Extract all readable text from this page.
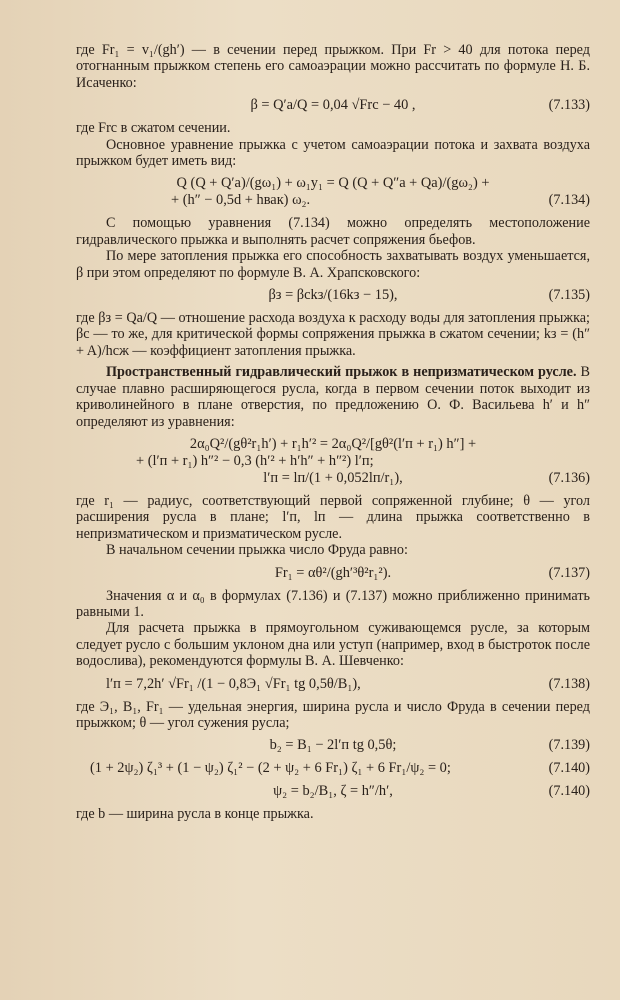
где Fr₁ = v₁/(gh′) — в сечении перед прыжком. При Fr > 40 для потока перед отогнанным прыжком степень его самоаэрации можно рассчитать по формуле Н. Б. Исаченко:

β = Q′а/Q = 0,04 √Frс − 40 ,	(7.133)

где Frс в сжатом сечении.

Основное уравнение прыжка с учетом самоаэрации потока и захвата воздуха прыжком будет иметь вид:

Q (Q + Q′а)/(gω₁) + ω₁y₁ = Q (Q + Q″а + Qа)/(gω₂) +
+ (h″ − 0,5d + hвак) ω₂.	(7.134)

С помощью уравнения (7.134) можно определять местоположение гидравлического прыжка и выполнять расчет сопряжения бьефов.

По мере затопления прыжка его способность захватывать воздух уменьшается, β при этом определяют по формуле В. А. Храпсковского:

βз = βсkз/(16kз − 15),	(7.135)

где βз = Qа/Q — отношение расхода воздуха к расходу воды для затопления прыжка; βс — то же, для критической формы сопряжения прыжка в сжатом сечении; kз = (h″ + A)/hсж — коэффициент затопления прыжка.

Пространственный гидравлический прыжок в непризматическом русле. В случае плавно расширяющегося русла, когда в первом сечении поток выходит из криволинейного в плане отверстия, по предложению О. Ф. Васильева h′ и h″ определяют из уравнения:

2α₀Q²/(gθ²r₁h′) + r₁h′² = 2α₀Q²/[gθ²(l′п + r₁) h″] +
+ (l′п + r₁) h″² − 0,3 (h′² + h′h″ + h″²) l′п;
l′п = lп/(1 + 0,052lп/r₁),	(7.136)

где r₁ — радиус, соответствующий первой сопряженной глубине; θ — угол расширения русла в плане; l′п, lп — длина прыжка соответственно в непризматическом и призматическом русле.

В начальном сечении прыжка число Фруда равно:

Fr₁ = αθ²/(gh′³θ²r₁²).	(7.137)

Значения α и α₀ в формулах (7.136) и (7.137) можно приближенно принимать равными 1.

Для расчета прыжка в прямоугольном суживающемся русле, за которым следует русло с большим уклоном дна или уступ (например, вход в быстроток после водослива), рекомендуются формулы В. А. Шевченко:

l′п = 7,2h′ √Fr₁ /(1 − 0,8Э₁ √Fr₁ tg 0,5θ/B₁),	(7.138)

где Э₁, B₁, Fr₁ — удельная энергия, ширина русла и число Фруда в сечении перед прыжком; θ — угол сужения русла;

b₂ = B₁ − 2l′п tg 0,5θ;	(7.139)
(1 + 2ψ₂) ζ₁³ + (1 − ψ₂) ζ₁² − (2 + ψ₂ + 6 Fr₁) ζ₁ + 6 Fr₁/ψ₂ = 0;	(7.140)
ψ₂ = b₂/B₁, ζ = h″/h′,	(7.140)

где b — ширина русла в конце прыжка.
